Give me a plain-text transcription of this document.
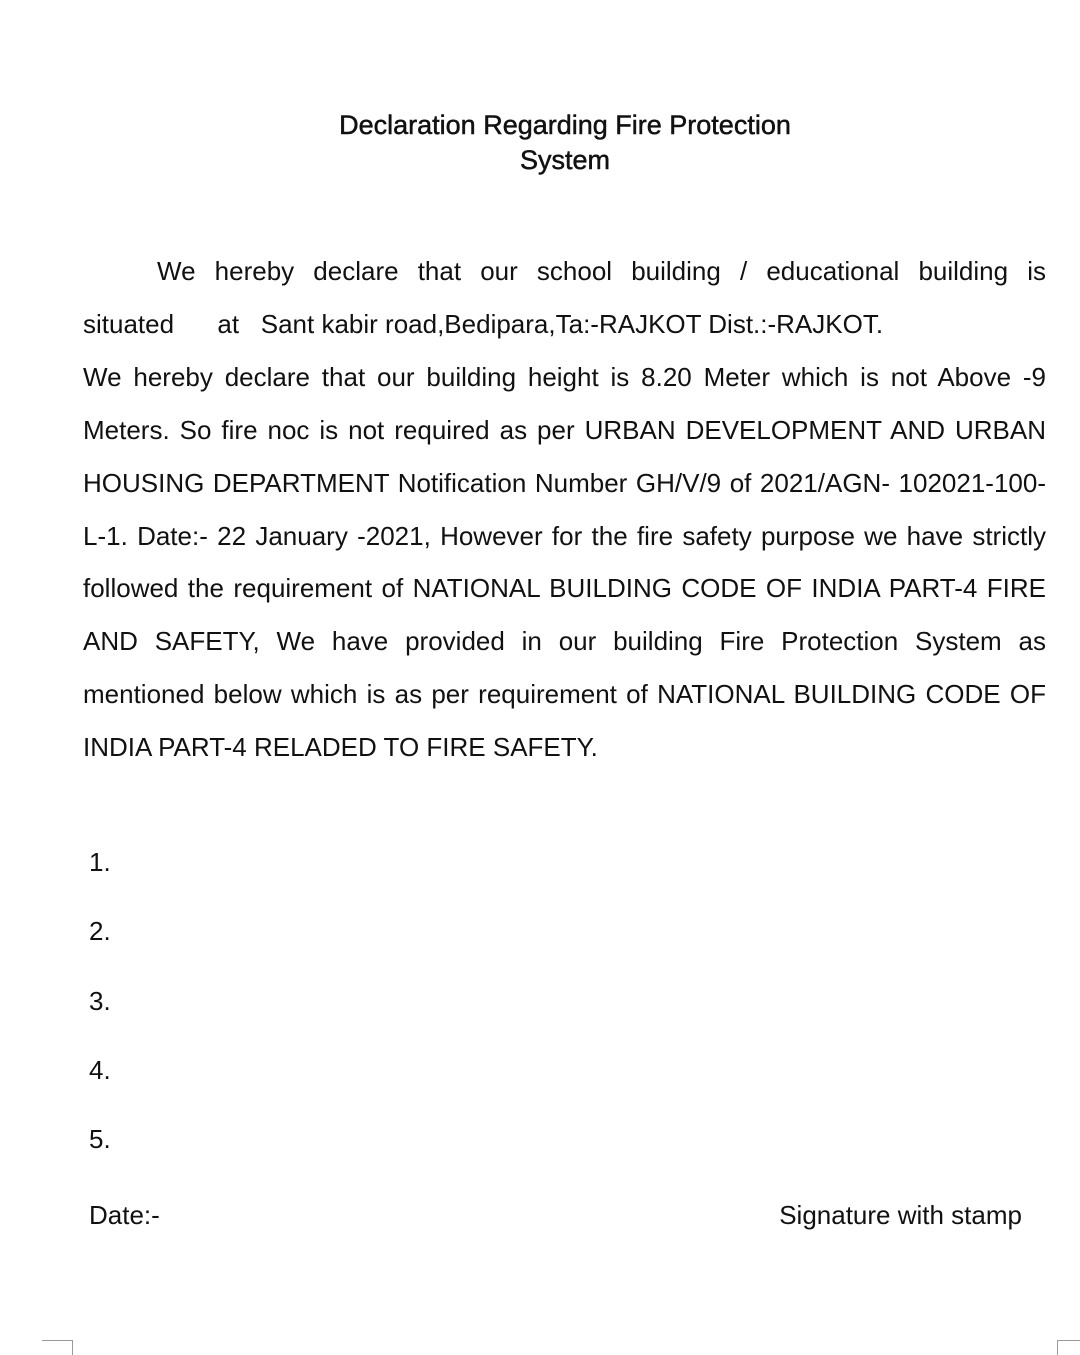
Declaration Regarding Fire Protection
System

We hereby declare that our school building / educational building is situated      at   Sant kabir road,Bedipara,Ta:-RAJKOT Dist.:-RAJKOT.

We hereby declare that our building height is 8.20 Meter which is not Above -9 Meters. So fire noc is not required as per URBAN DEVELOPMENT AND URBAN HOUSING DEPARTMENT Notification Number GH/V/9 of 2021/AGN- 102021-100-L-1. Date:- 22 January -2021, However for the fire safety purpose we have strictly followed the requirement of NATIONAL BUILDING CODE OF INDIA PART-4 FIRE AND SAFETY, We have provided in our building Fire Protection System as mentioned below which is as per requirement of NATIONAL BUILDING CODE OF INDIA PART-4 RELADED TO FIRE SAFETY.

1.
2.
3.
4.
5.
Date:-	Signature with stamp
